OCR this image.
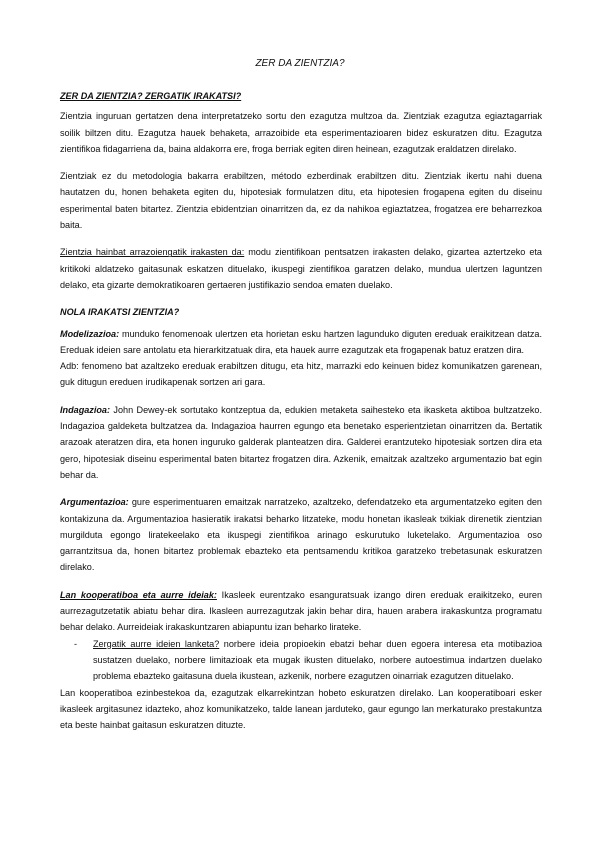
ZER DA ZIENTZIA?
ZER DA ZIENTZIA? ZERGATIK IRAKATSI?

Zientzia inguruan gertatzen dena interpretatzeko sortu den ezagutza multzoa da. Zientziak ezagutza egiaztagarriak soilik biltzen ditu. Ezagutza hauek behaketa, arrazoibide eta esperimentazioaren bidez eskuratzen ditu. Ezagutza zientifikoa fidagarriena da, baina aldakorra ere, froga berriak egiten diren heinean, ezagutzak eraldatzen direlako.

Zientziak ez du metodologia bakarra erabiltzen, método ezberdinak erabiltzen ditu. Zientziak ikertu nahi duena hautatzen du, honen behaketa egiten du, hipotesiak formulatzen ditu, eta hipotesien frogapena egiten du diseinu esperimental baten bitartez. Zientzia ebidentzian oinarritzen da, ez da nahikoa egiaztatzea, frogatzea ere beharrezkoa baita.

Zientzia hainbat arrazoiengatik irakasten da: modu zientifikoan pentsatzen irakasten delako, gizartea aztertzeko eta kritikoki aldatzeko gaitasunak eskatzen dituelako, ikuspegi zientifikoa garatzen delako, mundua ulertzen laguntzen delako, eta gizarte demokratikoaren gertaeren justifikazio sendoa ematen duelako.

NOLA IRAKATSI ZIENTZIA?

Modelizazioa: munduko fenomenoak ulertzen eta horietan esku hartzen lagunduko diguten ereduak eraikitzean datza. Ereduak ideien sare antolatu eta hierarkitzatuak dira, eta hauek aurre ezagutzak eta frogapenak batuz eratzen dira.

Adb: fenomeno bat azaltzeko ereduak erabiltzen ditugu, eta hitz, marrazki edo keinuen bidez komunikatzen garenean, guk ditugun ereduen irudikapenak sortzen ari gara.

Indagazioa: John Dewey-ek sortutako kontzeptua da, edukien metaketa saihesteko eta ikasketa aktiboa bultzatzeko. Indagazioa galdeketa bultzatzea da. Indagazioa haurren egungo eta benetako esperientzietan oinarritzen da. Bertatik arazoak ateratzen dira, eta honen inguruko galderak planteatzen dira. Galderei erantzuteko hipotesiak sortzen dira eta gero, hipotesiak diseinu esperimental baten bitartez frogatzen dira. Azkenik, emaitzak azaltzeko argumentazio bat egin behar da.

Argumentazioa: gure esperimentuaren emaitzak narratzeko, azaltzeko, defendatzeko eta argumentatzeko egiten den kontakizuna da. Argumentazioa hasieratik irakatsi beharko litzateke, modu honetan ikasleak txikiak direnetik zientzian murgilduta egongo liratekeelako eta ikuspegi zientifikoa arinago eskurutuko luketelako. Argumentazioa oso garrantzitsua da, honen bitartez problemak ebazteko eta pentsamendu kritikoa garatzeko trebetasunak eskuratzen direlako.

Lan kooperatiboa eta aurre ideiak: Ikasleek eurentzako esanguratsuak izango diren ereduak eraikitzeko, euren aurrezagutzetatik abiatu behar dira. Ikasleen aurrezagutzak jakin behar dira, hauen arabera irakaskuntza programatu behar delako. Aurreideiak irakaskuntzaren abiapuntu izan beharko lirateke.

- Zergatik aurre ideien lanketa? norbere ideia propioekin ebatzi behar duen egoera interesa eta motibazioa sustatzen duelako, norbere limitazioak eta mugak ikusten dituelako, norbere autoestimua indartzen duelako problema ebazteko gaitasuna duela ikustean, azkenik, norbere ezagutzen oinarriak ezagutzen dituelako.

Lan kooperatiboa ezinbestekoa da, ezagutzak elkarrekintzan hobeto eskuratzen direlako. Lan kooperatiboari esker ikasleek argitasunez idazteko, ahoz komunikatzeko, talde lanean jarduteko, gaur egungo lan merkaturako prestakuntza eta beste hainbat gaitasun eskuratzen dituzte.
